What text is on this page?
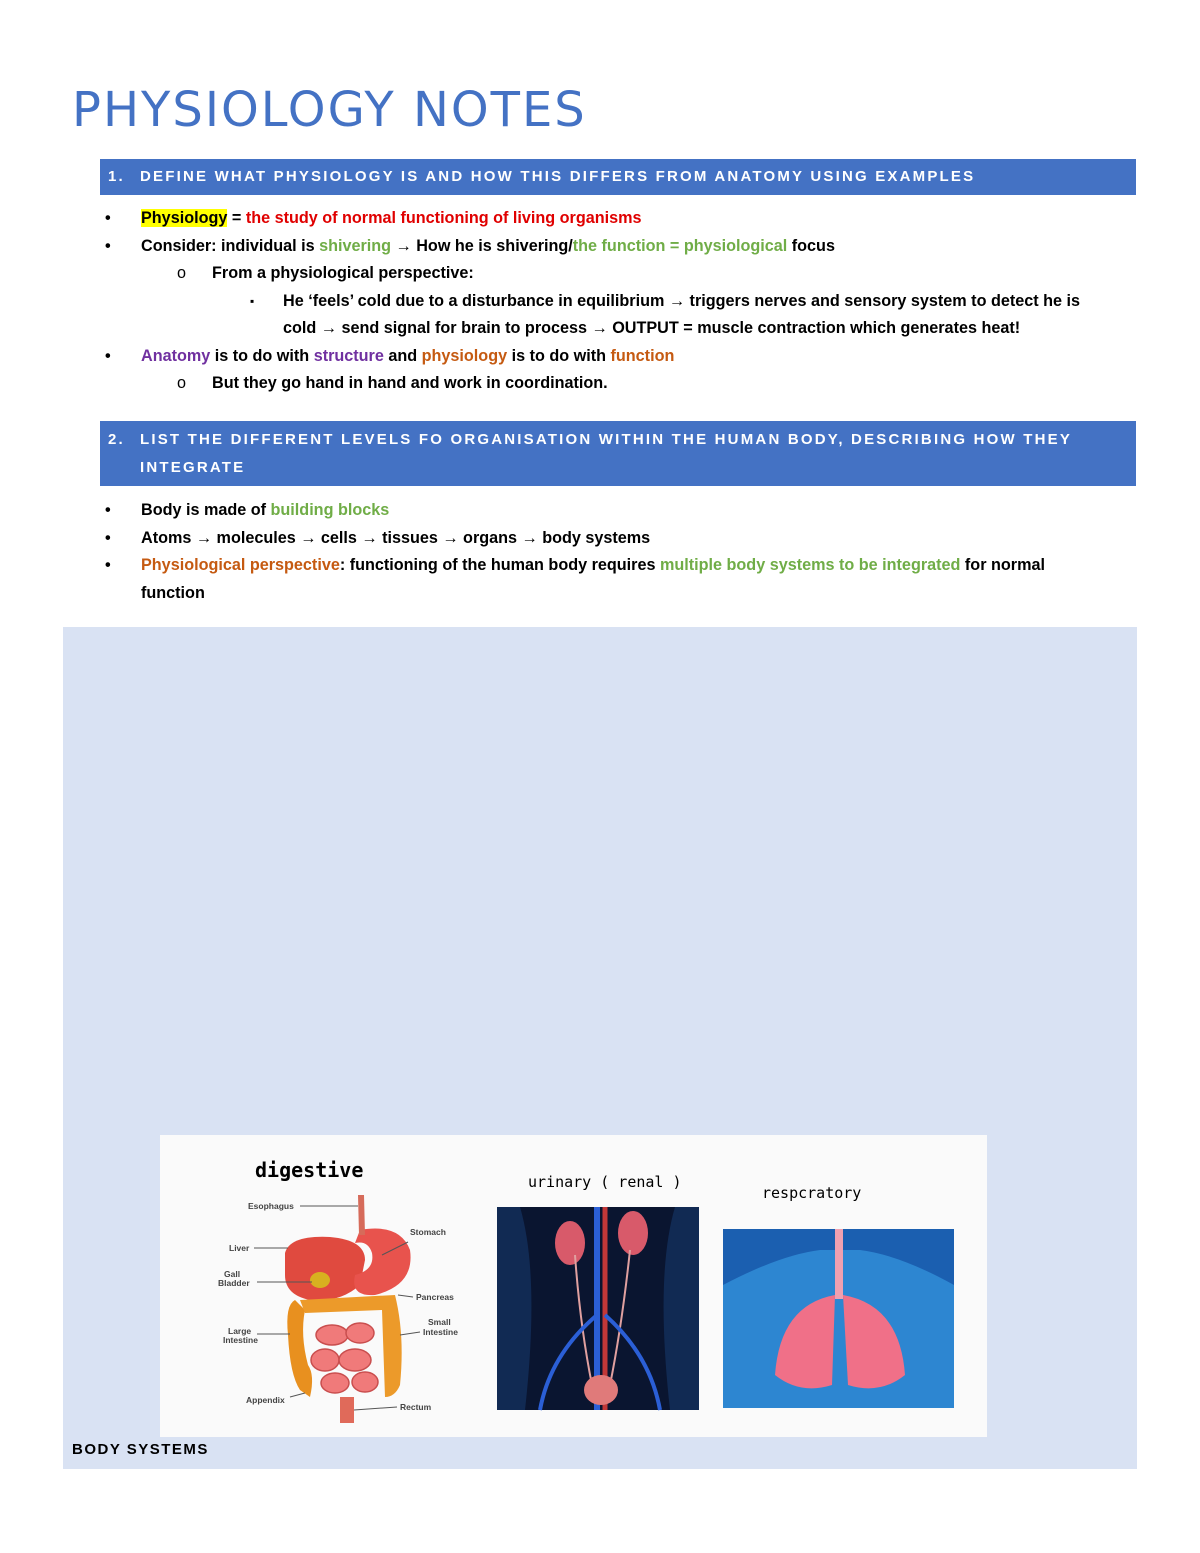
PHYSIOLOGY NOTES
1. DEFINE WHAT PHYSIOLOGY IS AND HOW THIS DIFFERS FROM ANATOMY USING EXAMPLES
• Physiology = the study of normal functioning of living organisms
• Consider: individual is shivering → How he is shivering/the function = physiological focus
o From a physiological perspective:
▪ He ‘feels’ cold due to a disturbance in equilibrium → triggers nerves and sensory system to detect he is cold → send signal for brain to process → OUTPUT = muscle contraction which generates heat!
• Anatomy is to do with structure and physiology is to do with function
o But they go hand in hand and work in coordination.
2. LIST THE DIFFERENT LEVELS FO ORGANISATION WITHIN THE HUMAN BODY, DESCRIBING HOW THEY
INTEGRATE
• Body is made of building blocks
• Atoms → molecules → cells → tissues → organs → body systems
• Physiological perspective: functioning of the human body requires multiple body systems to be integrated for normal function
digestive
Esophagus
Liver
Gall
Bladder
Large
Intestine
Appendix
Stomach
Pancreas
Small
Intestine
Rectum
urinary ( renal )
respcratory
BODY SYSTEMS
